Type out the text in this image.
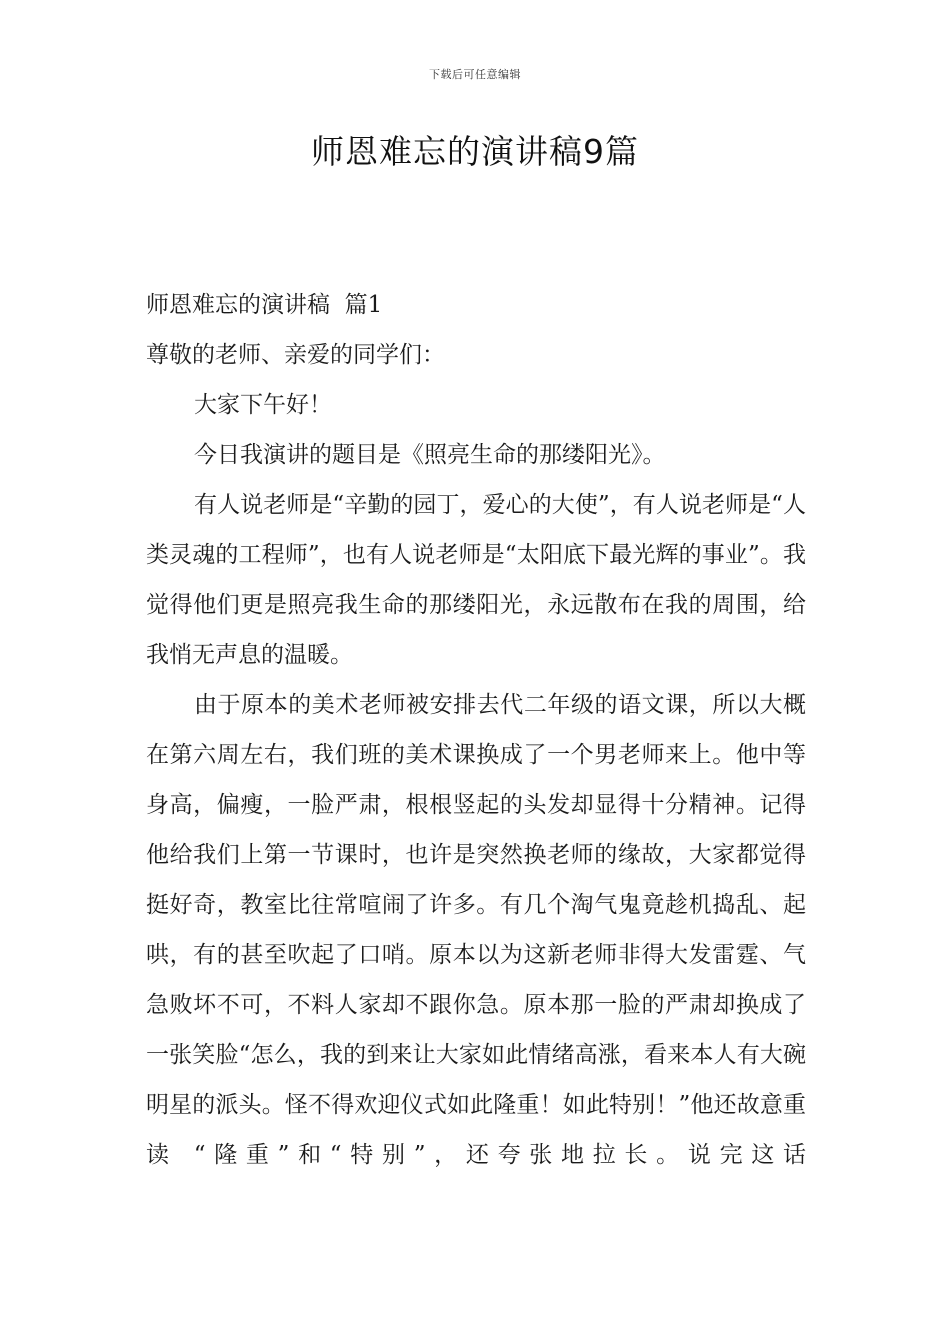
下载后可任意编辑
师恩难忘的演讲稿9篇

师恩难忘的演讲稿  篇1

尊敬的老师、亲爱的同学们：

大家下午好！

今日我演讲的题目是《照亮生命的那缕阳光》。

有人说老师是“辛勤的园丁，爱心的大使”，有人说老师是“人类灵魂的工程师”，也有人说老师是“太阳底下最光辉的事业”。我觉得他们更是照亮我生命的那缕阳光，永远散布在我的周围，给我悄无声息的温暖。

由于原本的美术老师被安排去代二年级的语文课，所以大概在第六周左右，我们班的美术课换成了一个男老师来上。他中等身高，偏瘦，一脸严肃，根根竖起的头发却显得十分精神。记得他给我们上第一节课时，也许是突然换老师的缘故，大家都觉得挺好奇，教室比往常喧闹了许多。有几个淘气鬼竟趁机捣乱、起哄，有的甚至吹起了口哨。原本以为这新老师非得大发雷霆、气急败坏不可，不料人家却不跟你急。原本那一脸的严肃却换成了一张笑脸“怎么，我的到来让大家如此情绪高涨，看来本人有大碗明星的派头。怪不得欢迎仪式如此隆重！如此特别！”他还故意重读 “隆重”和“特别”，还夸张地拉长。说完这话
